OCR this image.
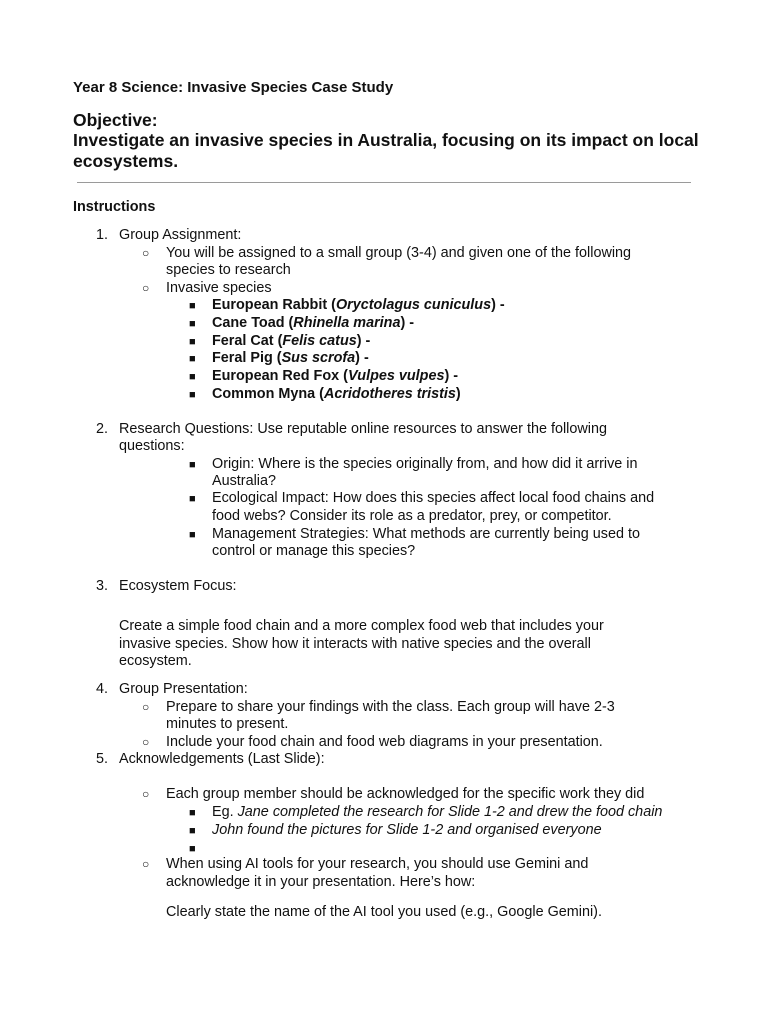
Year 8 Science: Invasive Species Case Study
Objective:
Investigate an invasive species in Australia, focusing on its impact on local ecosystems.
Instructions
1. Group Assignment:
○ You will be assigned to a small group (3-4) and given one of the following
species to research
○ Invasive species
■ European Rabbit (Oryctolagus cuniculus) -
■ Cane Toad (Rhinella marina) -
■ Feral Cat (Felis catus) -
■ Feral Pig (Sus scrofa) -
■ European Red Fox (Vulpes vulpes) -
■ Common Myna (Acridotheres tristis)
2. Research Questions: Use reputable online resources to answer the following
questions:
■ Origin: Where is the species originally from, and how did it arrive in
Australia?
■ Ecological Impact: How does this species affect local food chains and
food webs? Consider its role as a predator, prey, or competitor.
■ Management Strategies: What methods are currently being used to
control or manage this species?
3. Ecosystem Focus:
Create a simple food chain and a more complex food web that includes your
invasive species. Show how it interacts with native species and the overall
ecosystem.
4. Group Presentation:
○ Prepare to share your findings with the class. Each group will have 2-3
minutes to present.
○ Include your food chain and food web diagrams in your presentation.
5. Acknowledgements (Last Slide):
○ Each group member should be acknowledged for the specific work they did
■ Eg. Jane completed the research for Slide 1-2 and drew the food chain
■ John found the pictures for Slide 1-2 and organised everyone
■
○ When using AI tools for your research, you should use Gemini and
acknowledge it in your presentation. Here’s how:
Clearly state the name of the AI tool you used (e.g., Google Gemini).
